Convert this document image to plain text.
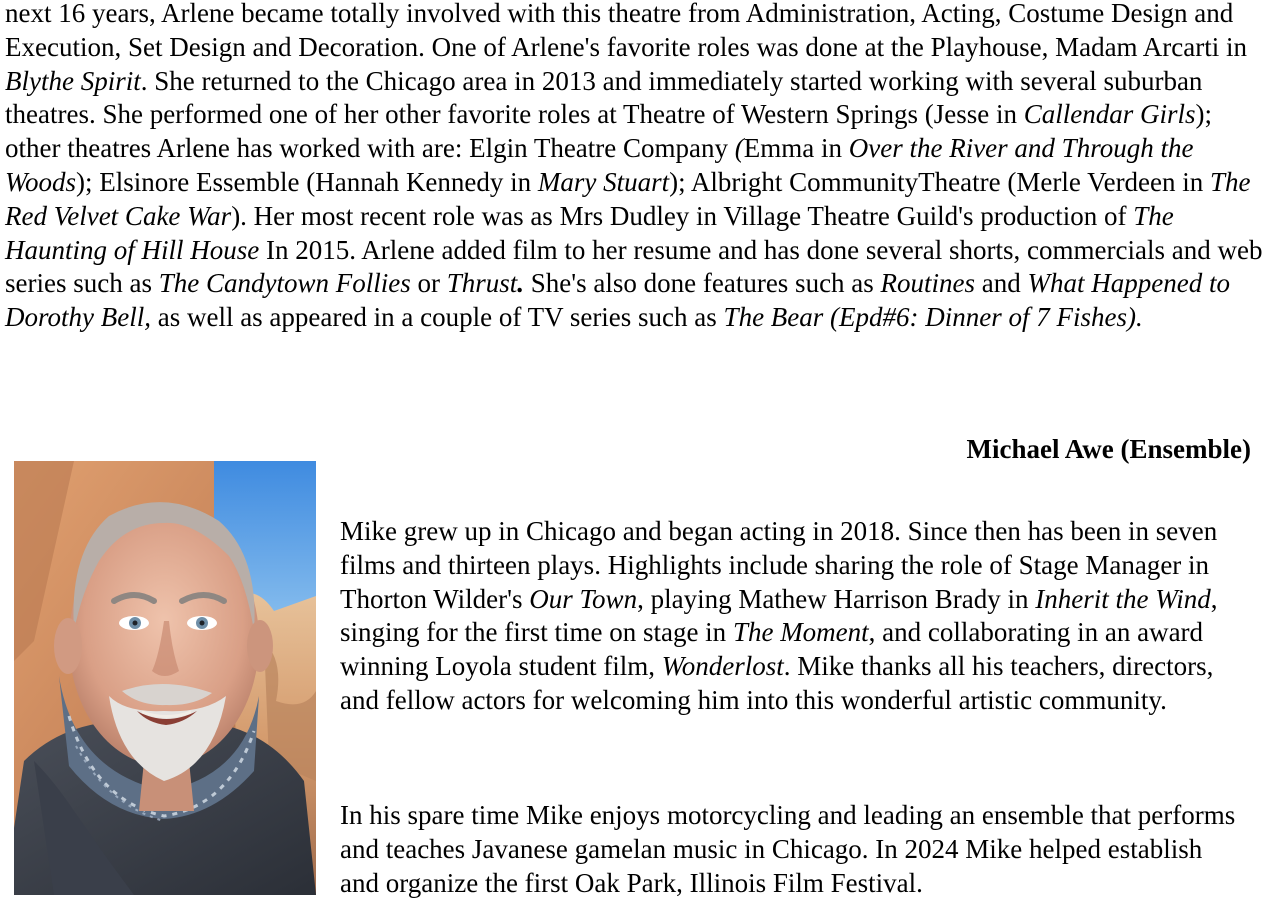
next 16 years, Arlene became totally involved with this theatre from Administration, Acting, Costume Design and Execution, Set Design and Decoration. One of Arlene's favorite roles was done at the Playhouse, Madam Arcarti in Blythe Spirit. She returned to the Chicago area in 2013 and immediately started working with several suburban theatres. She performed one of her other favorite roles at Theatre of Western Springs (Jesse in Callendar Girls); other theatres Arlene has worked with are: Elgin Theatre Company (Emma in Over the River and Through the Woods); Elsinore Essemble (Hannah Kennedy in Mary Stuart); Albright CommunityTheatre (Merle Verdeen in The Red Velvet Cake War). Her most recent role was as Mrs Dudley in Village Theatre Guild's production of The Haunting of Hill House In 2015. Arlene added film to her resume and has done several shorts, commercials and web series such as The Candytown Follies or Thrust. She's also done features such as Routines and What Happened to Dorothy Bell, as well as appeared in a couple of TV series such as The Bear (Epd#6: Dinner of 7 Fishes).

Michael Awe (Ensemble)

Mike grew up in Chicago and began acting in 2018. Since then has been in seven films and thirteen plays. Highlights include sharing the role of Stage Manager in Thorton Wilder's Our Town, playing Mathew Harrison Brady in Inherit the Wind, singing for the first time on stage in The Moment, and collaborating in an award winning Loyola student film, Wonderlost. Mike thanks all his teachers, directors, and fellow actors for welcoming him into this wonderful artistic community.

In his spare time Mike enjoys motorcycling and leading an ensemble that performs and teaches Javanese gamelan music in Chicago. In 2024 Mike helped establish and organize the first Oak Park, Illinois Film Festival.
